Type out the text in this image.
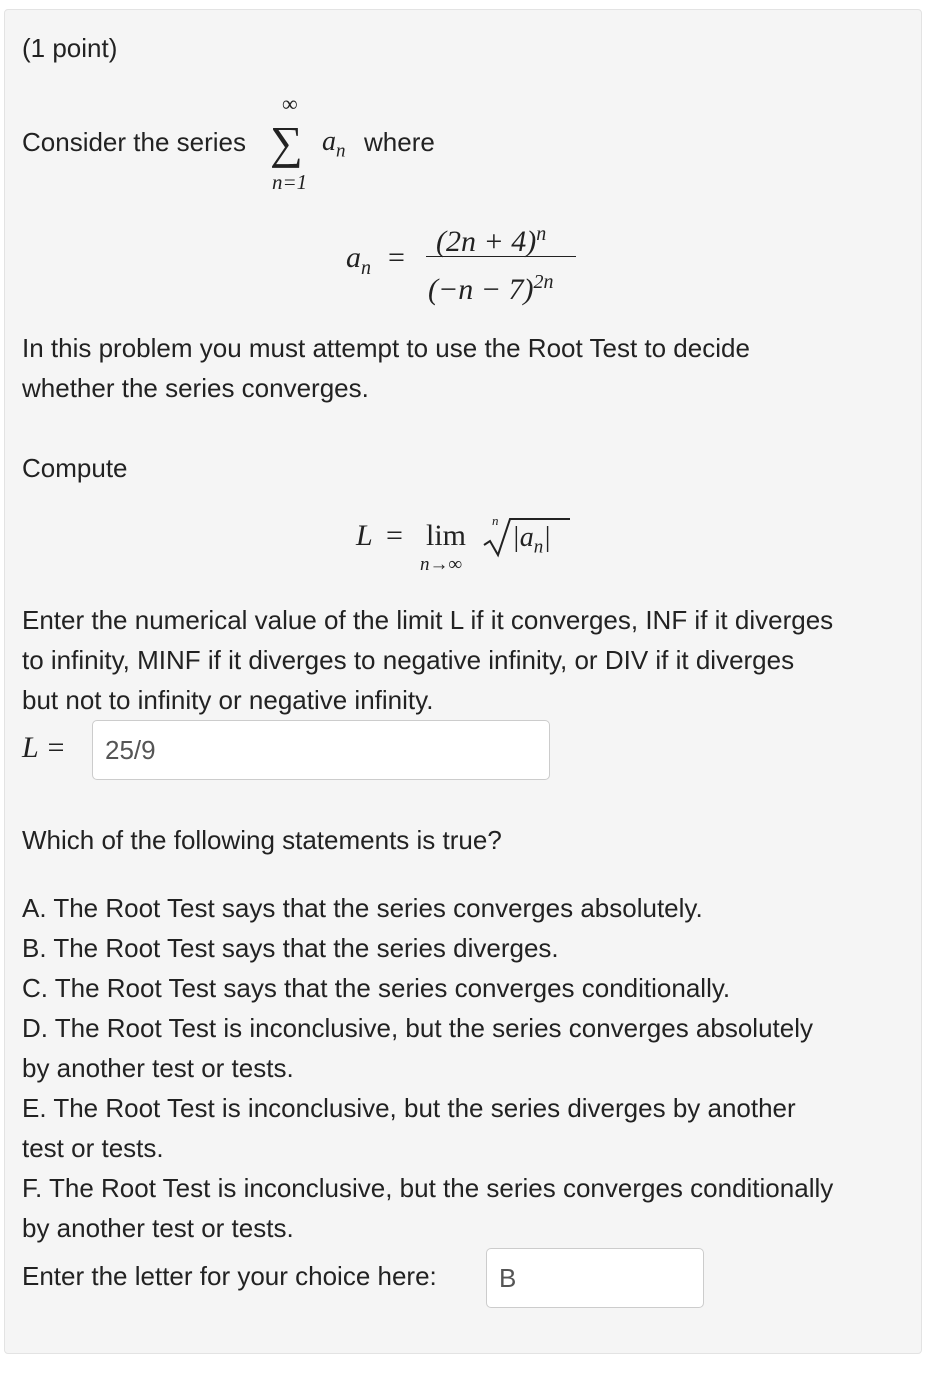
(1 point)
Consider the series
∞
∑
n=1
$a_n$ where
$a_n = (2n + 4)^n$
$(-n - 7)^{2n}$
In this problem you must attempt to use the Root Test to decide
whether the series converges.
Compute
L = lim
n→∞
n
$|a_n|$
Enter the numerical value of the limit L if it converges, INF if it diverges
to infinity, MINF if it diverges to negative infinity, or DIV if it diverges
but not to infinity or negative infinity.
L =	25/9
Which of the following statements is true?
A. The Root Test says that the series converges absolutely.
B. The Root Test says that the series diverges.
C. The Root Test says that the series converges conditionally.
D. The Root Test is inconclusive, but the series converges absolutely
by another test or tests.
E. The Root Test is inconclusive, but the series diverges by another
test or tests.
F. The Root Test is inconclusive, but the series converges conditionally
by another test or tests.
Enter the letter for your choice here:	B
